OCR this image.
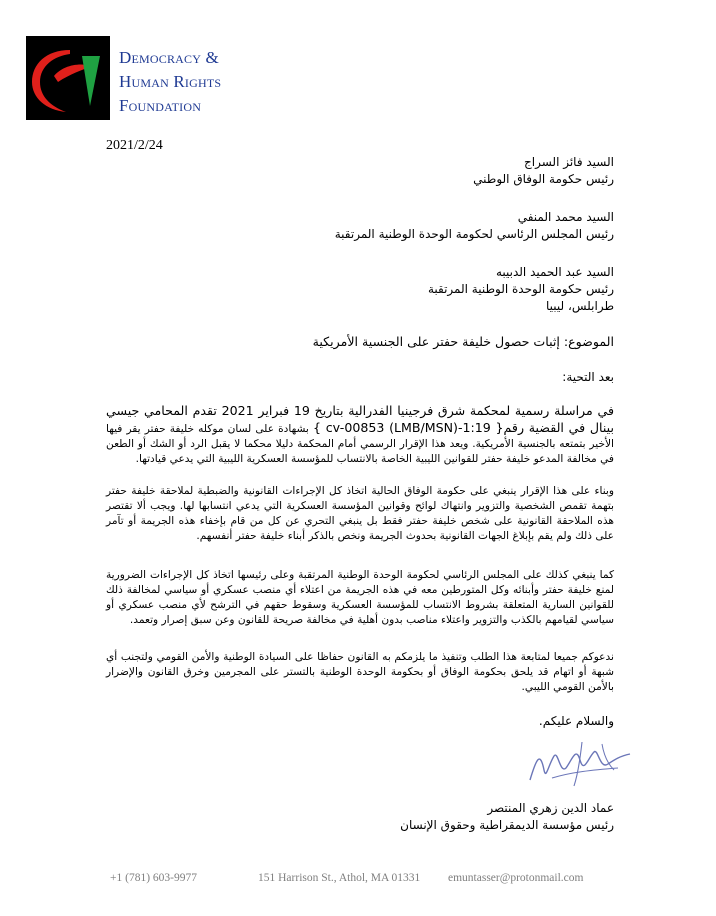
Democracy &
Human Rights
Foundation
2021/2/24
السيد فائز السراج
رئيس حكومة الوفاق الوطني
السيد محمد المنفي
رئيس المجلس الرئاسي لحكومة الوحدة الوطنية المرتقبة
السيد عبد الحميد الدبيبه
رئيس حكومة الوحدة الوطنية المرتقبة
طرابلس، ليبيا
الموضوع: إثبات حصول خليفة حفتر على الجنسية الأمريكية
بعد التحية:
في مراسلة رسمية لمحكمة شرق فرجينيا الفدرالية بتاريخ 19 فبراير 2021 تقدم المحامي جيسي بينال في القضية رقم{ 1:19-cv-00853 (LMB/MSN) } بشهادة على لسان موكله خليفة حفتر يقر فيها الأخير بتمتعه بالجنسية الأمريكية. ويعد هذا الإقرار الرسمي أمام المحكمة دليلا محكما لا يقبل الرد أو الشك أو الطعن في مخالفة المدعو خليفة حفتر للقوانين الليبية الخاصة بالانتساب للمؤسسة العسكرية الليبية التي يدعي قيادتها.
وبناء على هذا الإقرار ينبغي على حكومة الوفاق الحالية اتخاذ كل الإجراءات القانونية والضبطية لملاحقة خليفة حفتر بتهمة تقمص الشخصية والتزوير وانتهاك لوائح وقوانين المؤسسة العسكرية التي يدعي انتسابها لها. ويجب ألا تقتصر هذه الملاحقة القانونية على شخص خليفة حفتر فقط بل ينبغي التحري عن كل من قام بإخفاء هذه الجريمة أو تآمر على ذلك ولم يقم بإبلاغ الجهات القانونية بحدوث الجريمة ونخص بالذكر أبناء خليفة حفتر أنفسهم.
كما ينبغي كذلك على المجلس الرئاسي لحكومة الوحدة الوطنية المرتقبة وعلى رئيسها اتخاذ كل الإجراءات الضرورية لمنع خليفة حفتر وأبنائه وكل المتورطين معه في هذه الجريمة من اعتلاء أي منصب عسكري أو سياسي لمخالفة ذلك للقوانين السارية المتعلقة بشروط الانتساب للمؤسسة العسكرية وسقوط حقهم في الترشح لأي منصب عسكري أو سياسي لقيامهم بالكذب والتزوير واعتلاء مناصب بدون أهلية في مخالفة صريحة للقانون وعن سبق إصرار وتعمد.
ندعوكم جميعا لمتابعة هذا الطلب وتنفيذ ما يلزمكم به القانون حفاظا على السيادة الوطنية والأمن القومي ولتجنب أي شبهة أو اتهام قد يلحق بحكومة الوفاق أو بحكومة الوحدة الوطنية بالتستر على المجرمين وخرق القانون والإضرار بالأمن القومي الليبي.
والسلام عليكم.
عماد الدين زهري المنتصر
رئيس مؤسسة الديمقراطية وحقوق الإنسان
+1 (781) 603-9977	151 Harrison St., Athol, MA 01331 emuntasser@protonmail.com
